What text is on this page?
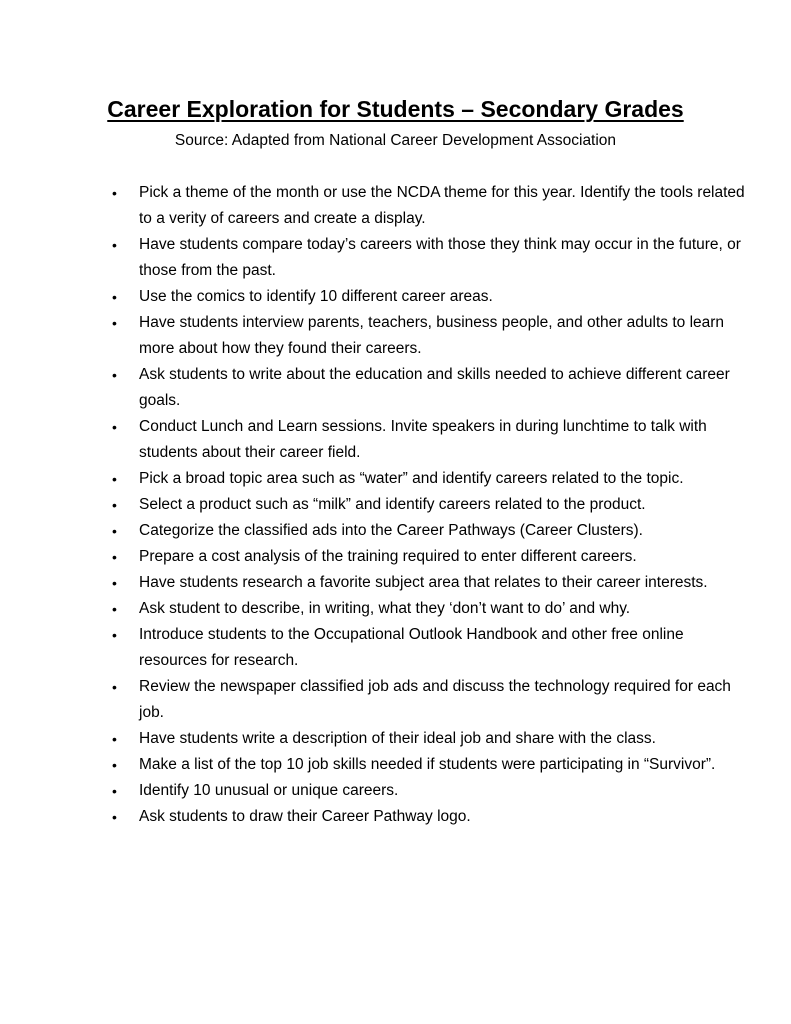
Career Exploration for Students – Secondary Grades

Source: Adapted from National Career Development Association

•	Pick a theme of the month or use the NCDA theme for this year. Identify the tools related to a verity of careers and create a display.
•	Have students compare today’s careers with those they think may occur in the future, or those from the past.
•	Use the comics to identify 10 different career areas.
•	Have students interview parents, teachers, business people, and other adults to learn more about how they found their careers.
•	Ask students to write about the education and skills needed to achieve different career goals.
•	Conduct Lunch and Learn sessions. Invite speakers in during lunchtime to talk with students about their career field.
•	Pick a broad topic area such as “water” and identify careers related to the topic.
•	Select a product such as “milk” and identify careers related to the product.
•	Categorize the classified ads into the Career Pathways (Career Clusters).
•	Prepare a cost analysis of the training required to enter different careers.
•	Have students research a favorite subject area that relates to their career interests.
•	Ask student to describe, in writing, what they ‘don’t want to do’ and why.
•	Introduce students to the Occupational Outlook Handbook and other free online resources for research.
•	Review the newspaper classified job ads and discuss the technology required for each job.
•	Have students write a description of their ideal job and share with the class.
•	Make a list of the top 10 job skills needed if students were participating in “Survivor”.
•	Identify 10 unusual or unique careers.
•	Ask students to draw their Career Pathway logo.
